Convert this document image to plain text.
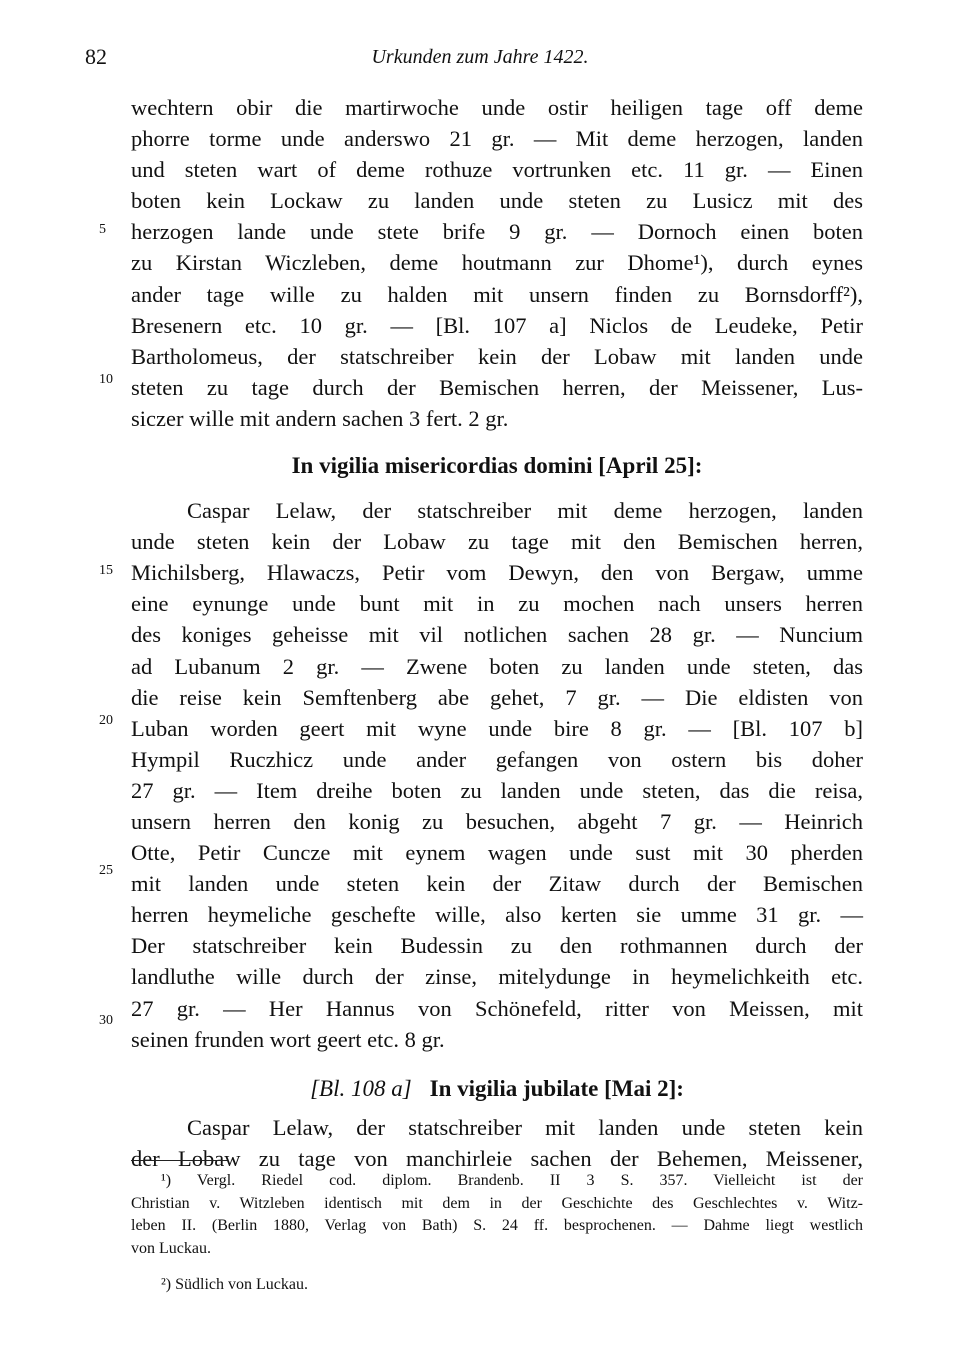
82	Urkunden zum Jahre 1422.
5
10
15
20
25
30
wechtern obir die martirwoche unde ostir heiligen tage off deme
phorre torme unde anderswo 21 gr. — Mit deme herzogen, landen
und steten wart of deme rothuze vortrunken etc. 11 gr. — Einen
boten kein Lockaw zu landen unde steten zu Lusicz mit des
herzogen lande unde stete brife 9 gr. — Dornoch einen boten
zu Kirstan Wiczleben, deme houtmann zur Dhome¹), durch eynes
ander tage wille zu halden mit unsern finden zu Bornsdorff²),
Bresenern etc. 10 gr. — [Bl. 107 a] Niclos de Leudeke, Petir
Bartholomeus, der statschreiber kein der Lobaw mit landen unde
steten zu tage durch der Bemischen herren, der Meissener, Lus-
siczer wille mit andern sachen 3 fert. 2 gr.
In vigilia misericordias domini [April 25]:
Caspar Lelaw, der statschreiber mit deme herzogen, landen
unde steten kein der Lobaw zu tage mit den Bemischen herren,
Michilsberg, Hlawaczs, Petir vom Dewyn, den von Bergaw, umme
eine eynunge unde bunt mit in zu mochen nach unsers herren
des koniges geheisse mit vil notlichen sachen 28 gr. — Nuncium
ad Lubanum 2 gr. — Zwene boten zu landen unde steten, das
die reise kein Semftenberg abe gehet, 7 gr. — Die eldisten von
Luban worden geert mit wyne unde bire 8 gr. — [Bl. 107 b]
Hympil Ruczhicz unde ander gefangen von ostern bis doher
27 gr. — Item dreihe boten zu landen unde steten, das die reisa,
unsern herren den konig zu besuchen, abgeht 7 gr. — Heinrich
Otte, Petir Cuncze mit eynem wagen unde sust mit 30 pherden
mit landen unde steten kein der Zitaw durch der Bemischen
herren heymeliche geschefte wille, also kerten sie umme 31 gr. —
Der statschreiber kein Budessin zu den rothmannen durch der
landluthe wille durch der zinse, mitelydunge in heymelichkeith etc.
27 gr. — Her Hannus von Schönefeld, ritter von Meissen, mit
seinen frunden wort geert etc. 8 gr.
[Bl. 108 a] In vigilia jubilate [Mai 2]:
Caspar Lelaw, der statschreiber mit landen unde steten kein
der Lobaw zu tage von manchirleie sachen der Behemen, Meissener,
¹) Vergl. Riedel cod. diplom. Brandenb. II 3 S. 357. Vielleicht ist der
Christian v. Witzleben identisch mit dem in der Geschichte des Geschlechtes v. Witz-
leben II. (Berlin 1880, Verlag von Bath) S. 24 ff. besprochenen. — Dahme liegt westlich
von Luckau.
²) Südlich von Luckau.
